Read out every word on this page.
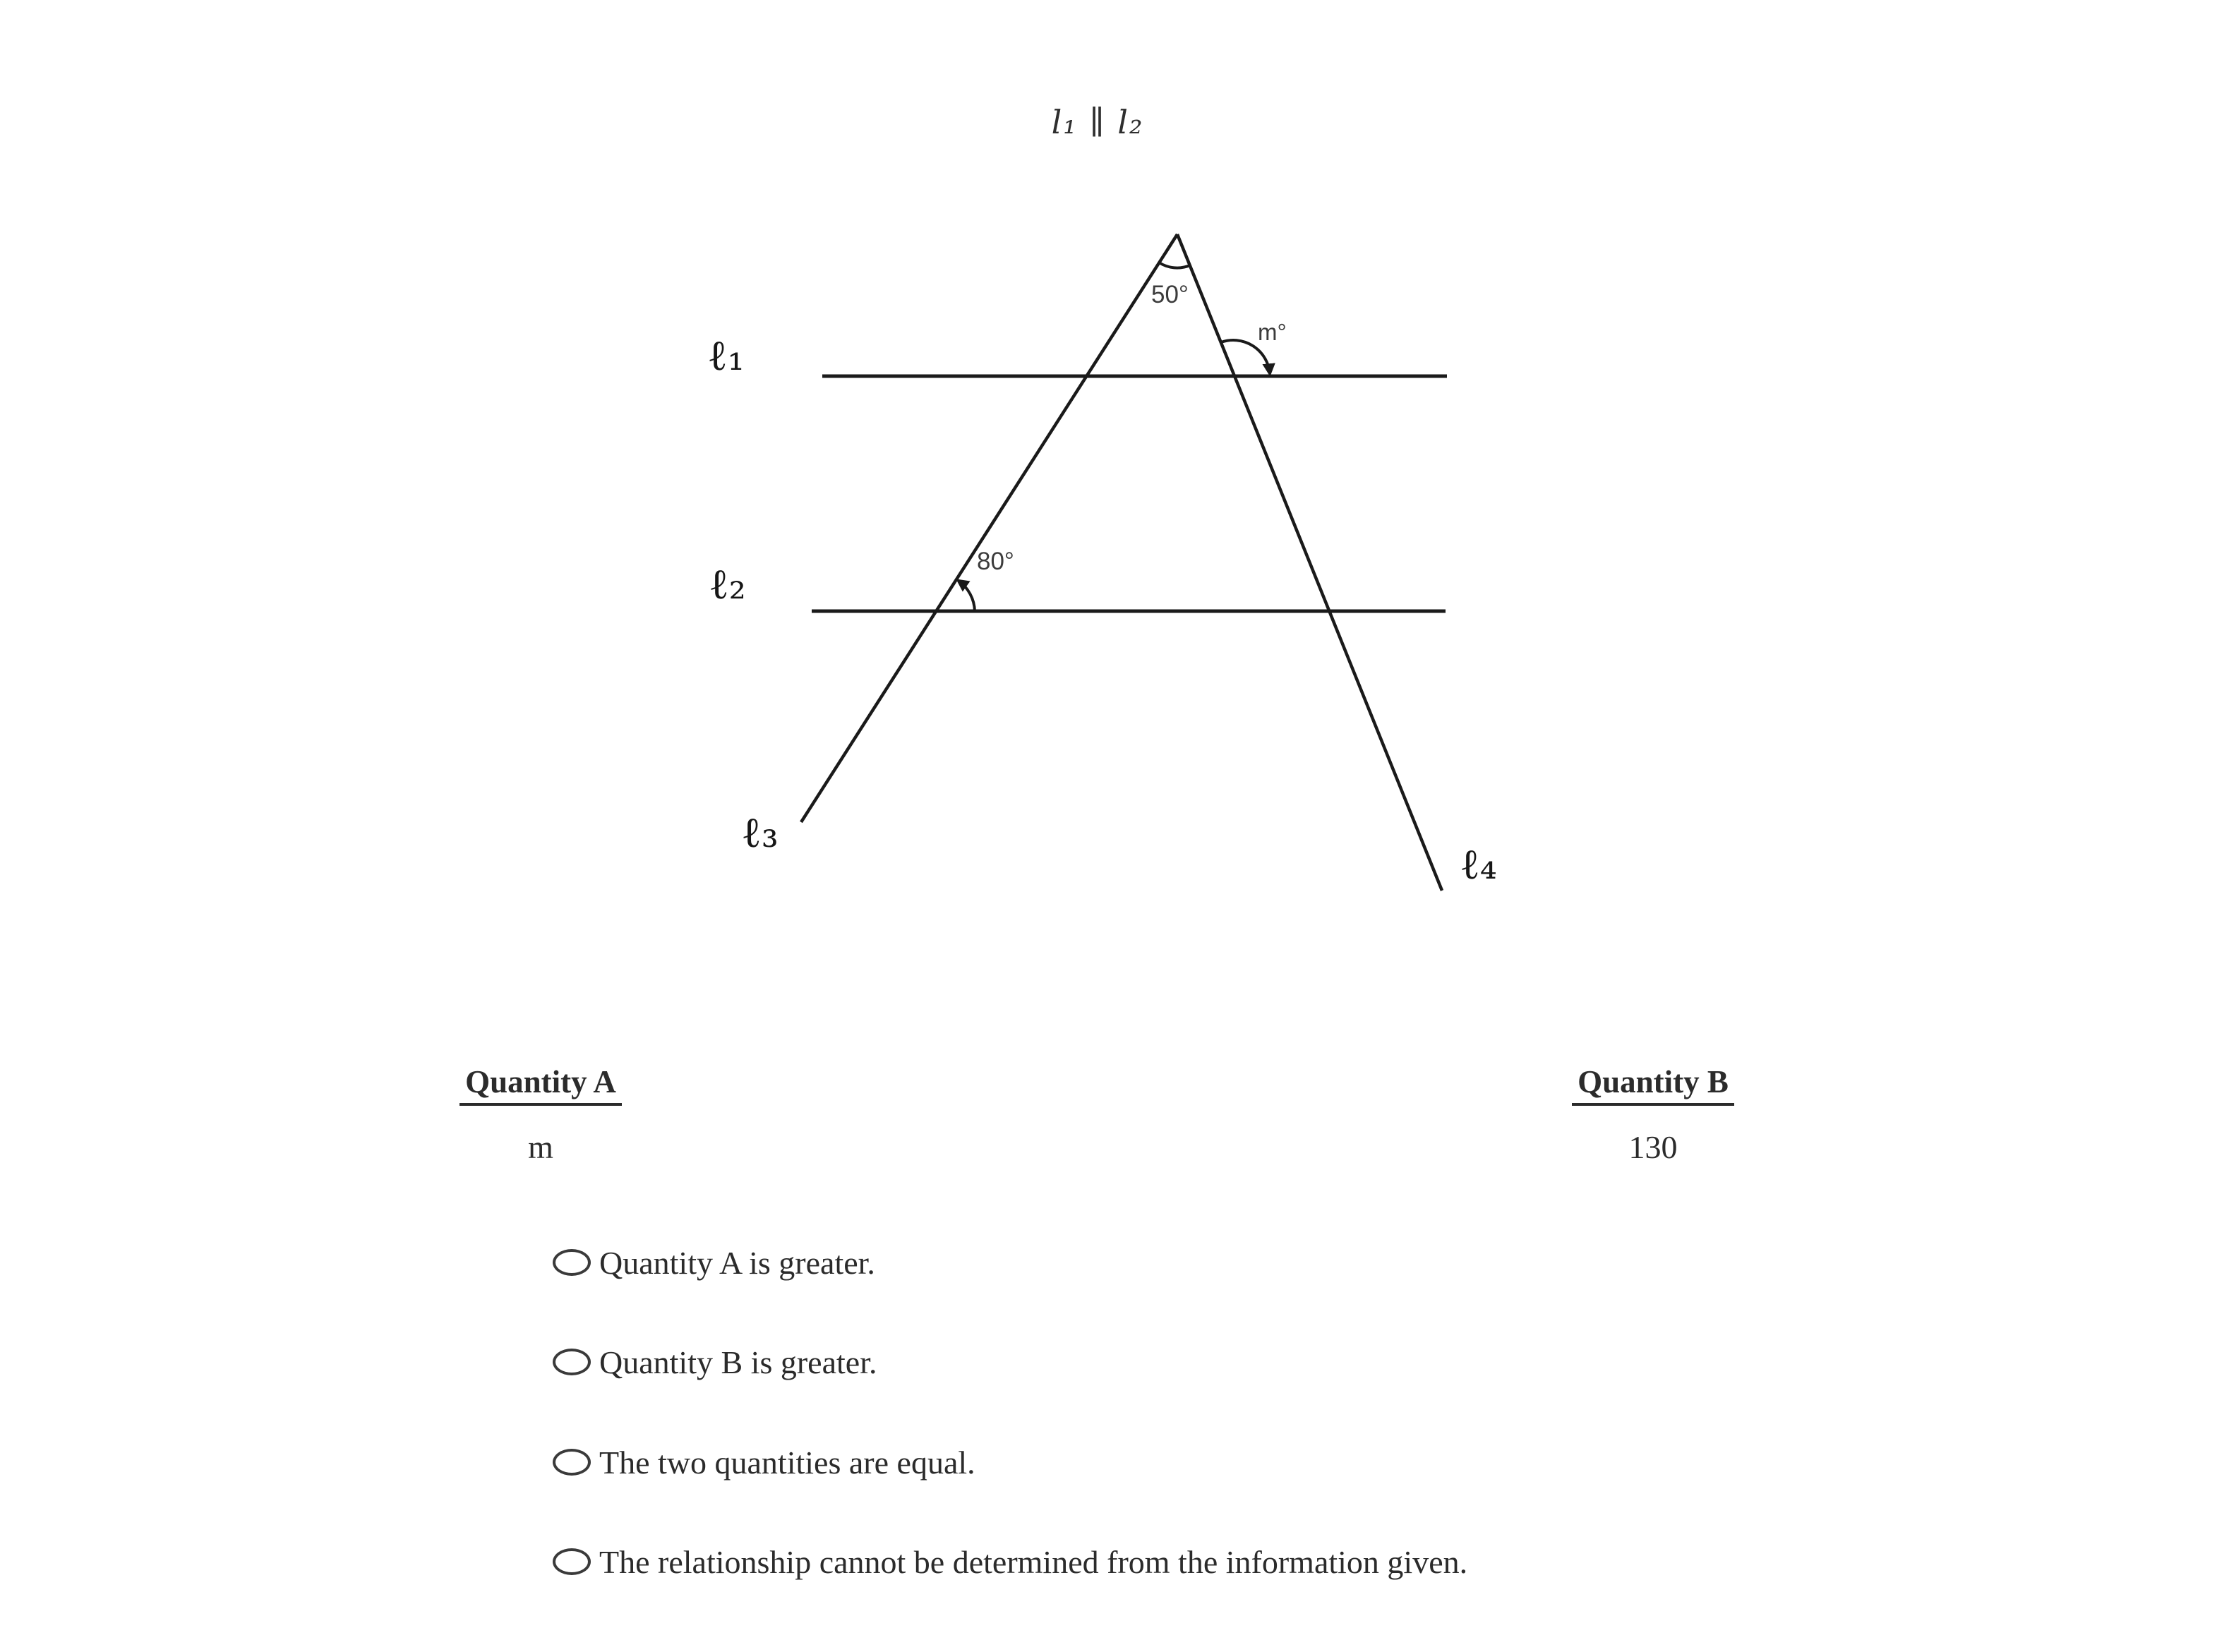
l₁ ∥ l₂
ℓ₁
ℓ₂
ℓ₃
ℓ₄
50°
m°
80°
Quantity A
m
Quantity B
130
Quantity A is greater.
Quantity B is greater.
The two quantities are equal.
The relationship cannot be determined from the information given.
